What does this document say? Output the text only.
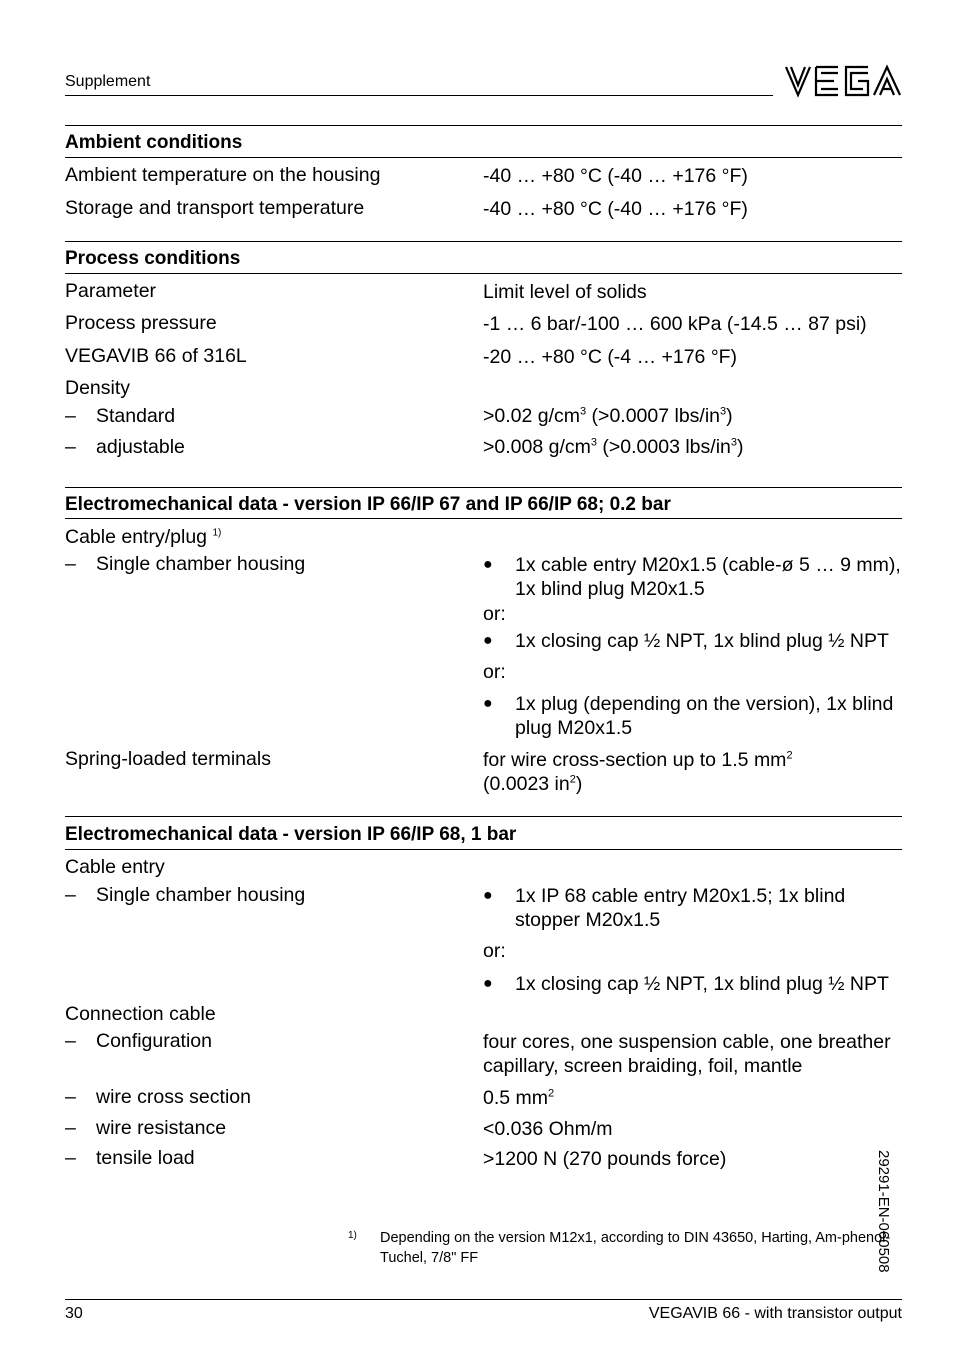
Supplement
Ambient conditions
Ambient temperature on the housing	-40 … +80 °C (-40 … +176 °F)
Storage and transport temperature	-40 … +80 °C (-40 … +176 °F)
Process conditions
Parameter	Limit level of solids
Process pressure	-1 … 6 bar/-100 … 600 kPa (-14.5 … 87 psi)
VEGAVIB 66 of 316L	-20 … +80 °C (-4 … +176 °F)
Density
– Standard	>0.02 $g/cm^3$ (>0.0007 lbs/$in^3$)
– adjustable	>0.008 $g/cm^3$ (>0.0003 lbs/$in^3$)
Electromechanical data - version IP 66/IP 67 and IP 66/IP 68; 0.2 bar
Cable entry/plug $^{1)}$
– Single chamber housing	● 1x cable entry M20x1.5 (cable-ø 5 … 9 mm), 1x blind plug M20x1.5
or:
● 1x closing cap ½ NPT, 1x blind plug ½ NPT
or:
● 1x plug (depending on the version), 1x blind plug M20x1.5
Spring-loaded terminals	for wire cross-section up to 1.5 $mm^2$
(0.0023 $in^2$)
Electromechanical data - version IP 66/IP 68, 1 bar
Cable entry
– Single chamber housing	● 1x IP 68 cable entry M20x1.5; 1x blind stopper M20x1.5
or:
● 1x closing cap ½ NPT, 1x blind plug ½ NPT
Connection cable
– Configuration	four cores, one suspension cable, one breather capillary, screen braiding, foil, mantle
– wire cross section	0.5 $mm^2$
– wire resistance	<0.036 Ohm/m
– tensile load	>1200 N (270 pounds force)	29291-EN-060508
1) Depending on the version M12x1, according to DIN 43650, Harting, Am-phenol-Tuchel, 7/8" FF
30	VEGAVIB 66 - with transistor output
